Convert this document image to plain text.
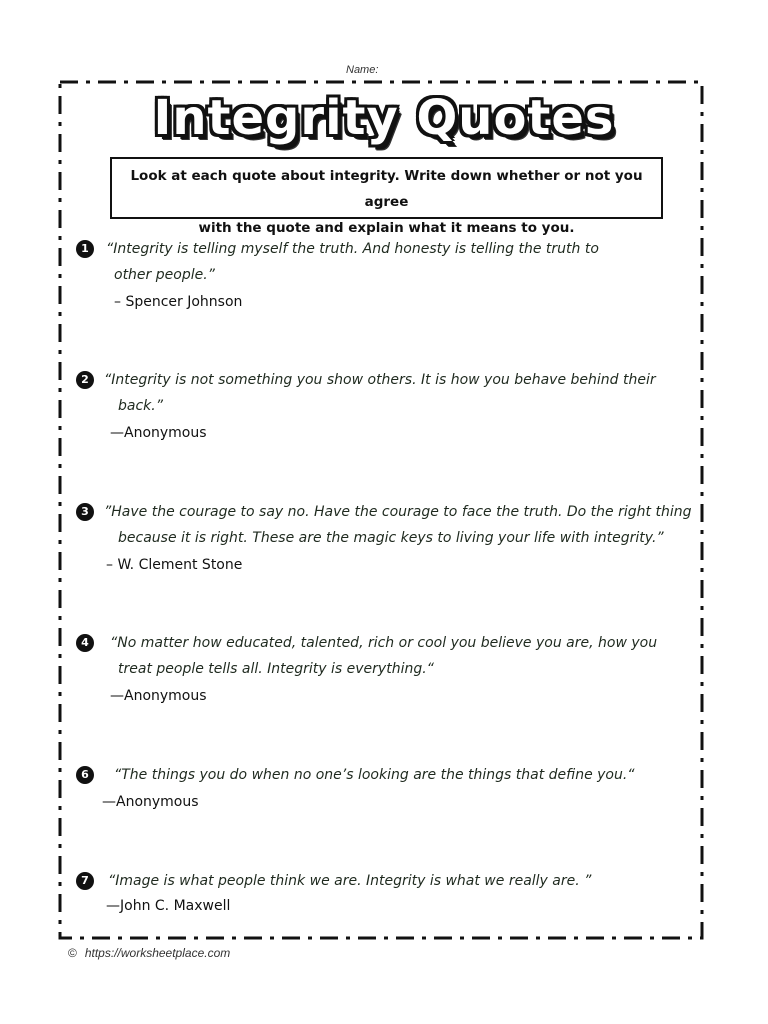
Name:
Integrity Quotes
Look at each quote about integrity. Write down whether or not you agree
with the quote and explain what it means to you.
1	“Integrity is telling myself the truth. And honesty is telling the truth to
other people.”
– Spencer Johnson
2	“Integrity is not something you show others. It is how you behave behind their
back.”
—Anonymous
3	”Have the courage to say no. Have the courage to face the truth. Do the right thing
because it is right. These are the magic keys to living your life with integrity.”
– W. Clement Stone
4	“No matter how educated, talented, rich or cool you believe you are, how you
treat people tells all. Integrity is everything.“
—Anonymous
6	“The things you do when no one’s looking are the things that define you.“
—Anonymous
7	“Image is what people think we are. Integrity is what we really are. ”
—John C. Maxwell
© https://worksheetplace.com
